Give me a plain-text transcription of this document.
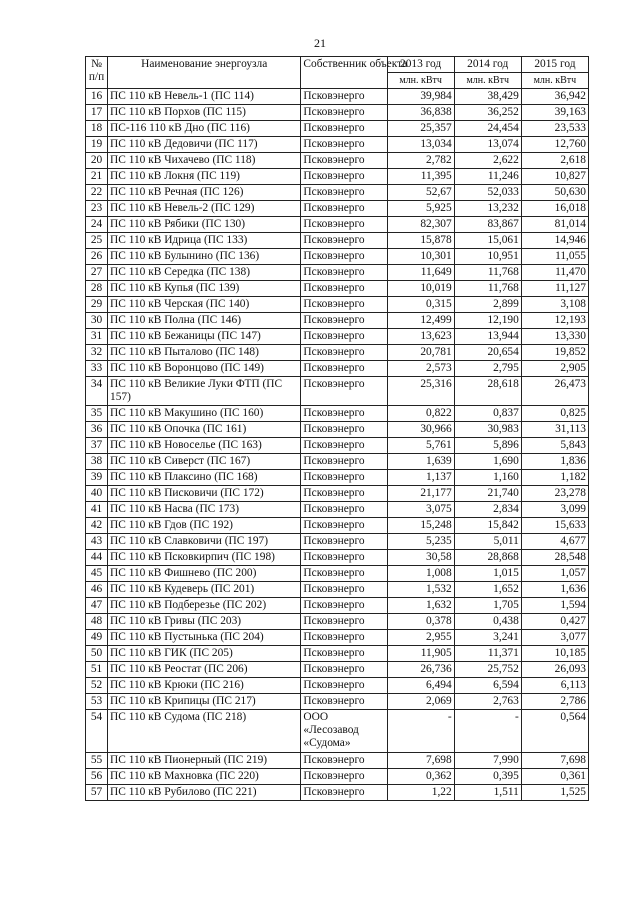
21
№
п/п	Наименование энергоузла	Собственник объекта	2013 год	2014 год	2015 год
			млн. кВтч	млн. кВтч	млн. кВтч
16	ПС 110 кВ Невель-1 (ПС 114)	Псковэнерго	39,984	38,429	36,942
17	ПС 110 кВ Порхов (ПС 115)	Псковэнерго	36,838	36,252	39,163
18	ПС-116 110 кВ Дно (ПС 116)	Псковэнерго	25,357	24,454	23,533
19	ПС 110 кВ Дедовичи (ПС 117)	Псковэнерго	13,034	13,074	12,760
20	ПС 110 кВ Чихачево (ПС 118)	Псковэнерго	2,782	2,622	2,618
21	ПС 110 кВ Локня (ПС 119)	Псковэнерго	11,395	11,246	10,827
22	ПС 110 кВ Речная (ПС 126)	Псковэнерго	52,67	52,033	50,630
23	ПС 110 кВ Невель-2 (ПС 129)	Псковэнерго	5,925	13,232	16,018
24	ПС 110 кВ Рябики (ПС 130)	Псковэнерго	82,307	83,867	81,014
25	ПС 110 кВ Идрица (ПС 133)	Псковэнерго	15,878	15,061	14,946
26	ПС 110 кВ Булынино (ПС 136)	Псковэнерго	10,301	10,951	11,055
27	ПС 110 кВ Середка (ПС 138)	Псковэнерго	11,649	11,768	11,470
28	ПС 110 кВ Купья (ПС 139)	Псковэнерго	10,019	11,768	11,127
29	ПС 110 кВ Черская (ПС 140)	Псковэнерго	0,315	2,899	3,108
30	ПС 110 кВ Полна (ПС 146)	Псковэнерго	12,499	12,190	12,193
31	ПС 110 кВ Бежаницы (ПС 147)	Псковэнерго	13,623	13,944	13,330
32	ПС 110 кВ Пыталово (ПС 148)	Псковэнерго	20,781	20,654	19,852
33	ПС 110 кВ Воронцово (ПС 149)	Псковэнерго	2,573	2,795	2,905
34	ПС 110 кВ Великие Луки ФТП (ПС 157)	Псковэнерго	25,316	28,618	26,473
35	ПС 110 кВ Макушино (ПС 160)	Псковэнерго	0,822	0,837	0,825
36	ПС 110 кВ Опочка (ПС 161)	Псковэнерго	30,966	30,983	31,113
37	ПС 110 кВ Новоселье (ПС 163)	Псковэнерго	5,761	5,896	5,843
38	ПС 110 кВ Сиверст (ПС 167)	Псковэнерго	1,639	1,690	1,836
39	ПС 110 кВ Плаксино (ПС 168)	Псковэнерго	1,137	1,160	1,182
40	ПС 110 кВ Писковичи (ПС 172)	Псковэнерго	21,177	21,740	23,278
41	ПС 110 кВ Насва (ПС 173)	Псковэнерго	3,075	2,834	3,099
42	ПС 110 кВ Гдов (ПС 192)	Псковэнерго	15,248	15,842	15,633
43	ПС 110 кВ Славковичи (ПС 197)	Псковэнерго	5,235	5,011	4,677
44	ПС 110 кВ Псковкирпич (ПС 198)	Псковэнерго	30,58	28,868	28,548
45	ПС 110 кВ Фишнево (ПС 200)	Псковэнерго	1,008	1,015	1,057
46	ПС 110 кВ Кудеверь (ПС 201)	Псковэнерго	1,532	1,652	1,636
47	ПС 110 кВ Подберезье (ПС 202)	Псковэнерго	1,632	1,705	1,594
48	ПС 110 кВ Гривы (ПС 203)	Псковэнерго	0,378	0,438	0,427
49	ПС 110 кВ Пустынька (ПС 204)	Псковэнерго	2,955	3,241	3,077
50	ПС 110 кВ ГИК (ПС 205)	Псковэнерго	11,905	11,371	10,185
51	ПС 110 кВ Реостат (ПС 206)	Псковэнерго	26,736	25,752	26,093
52	ПС 110 кВ Крюки (ПС 216)	Псковэнерго	6,494	6,594	6,113
53	ПС 110 кВ Крипицы (ПС 217)	Псковэнерго	2,069	2,763	2,786
54	ПС 110 кВ Судома (ПС 218)	ООО «Лесозавод «Судома»	-	-	0,564
55	ПС 110 кВ Пионерный (ПС 219)	Псковэнерго	7,698	7,990	7,698
56	ПС 110 кВ Махновка (ПС 220)	Псковэнерго	0,362	0,395	0,361
57	ПС 110 кВ Рубилово (ПС 221)	Псковэнерго	1,22	1,511	1,525
